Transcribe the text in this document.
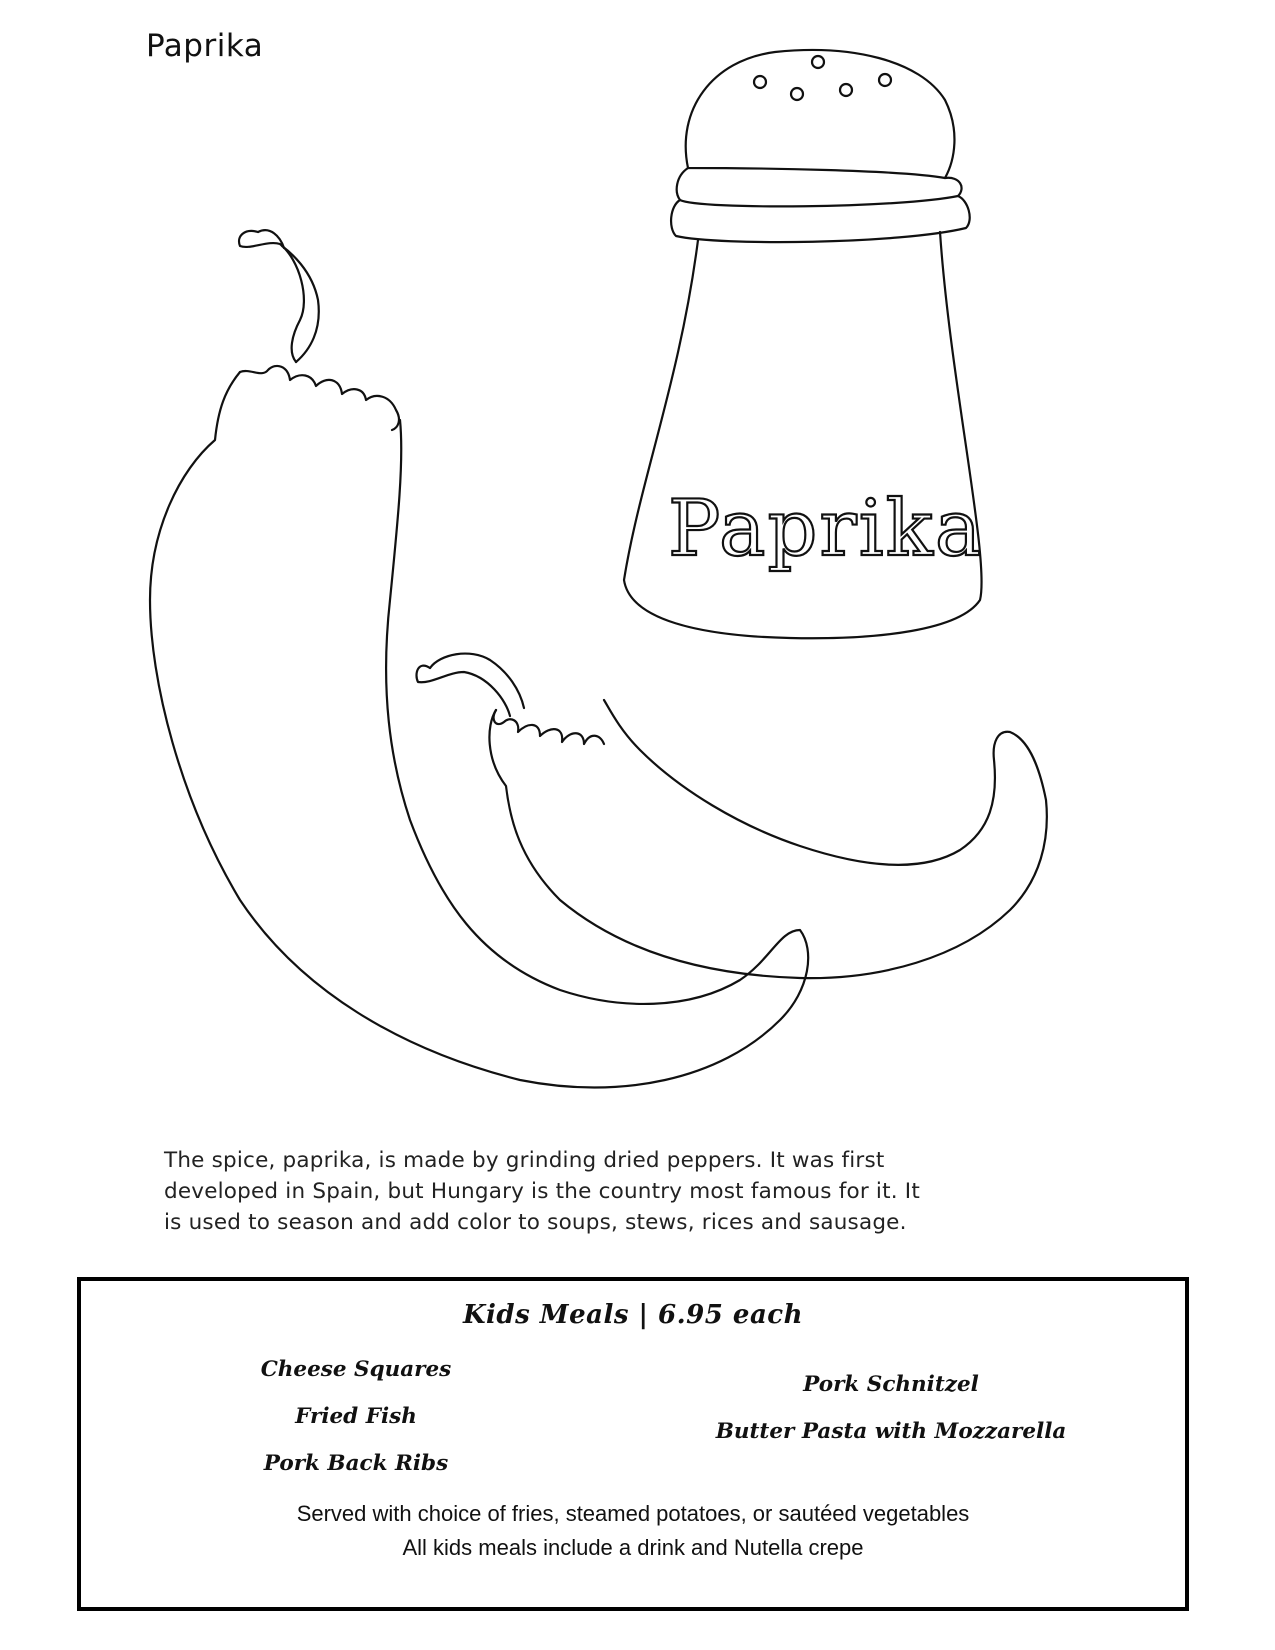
Paprika
Paprika
The spice, paprika, is made by grinding dried peppers. It was first
developed in Spain, but Hungary is the country most famous for it. It
is used to season and add color to soups, stews, rices and sausage.
Kids Meals | 6.95 each
Cheese Squares
Fried Fish
Pork Back Ribs
Pork Schnitzel
Butter Pasta with Mozzarella
Served with choice of fries, steamed potatoes, or sautéed vegetables
All kids meals include a drink and Nutella crepe
